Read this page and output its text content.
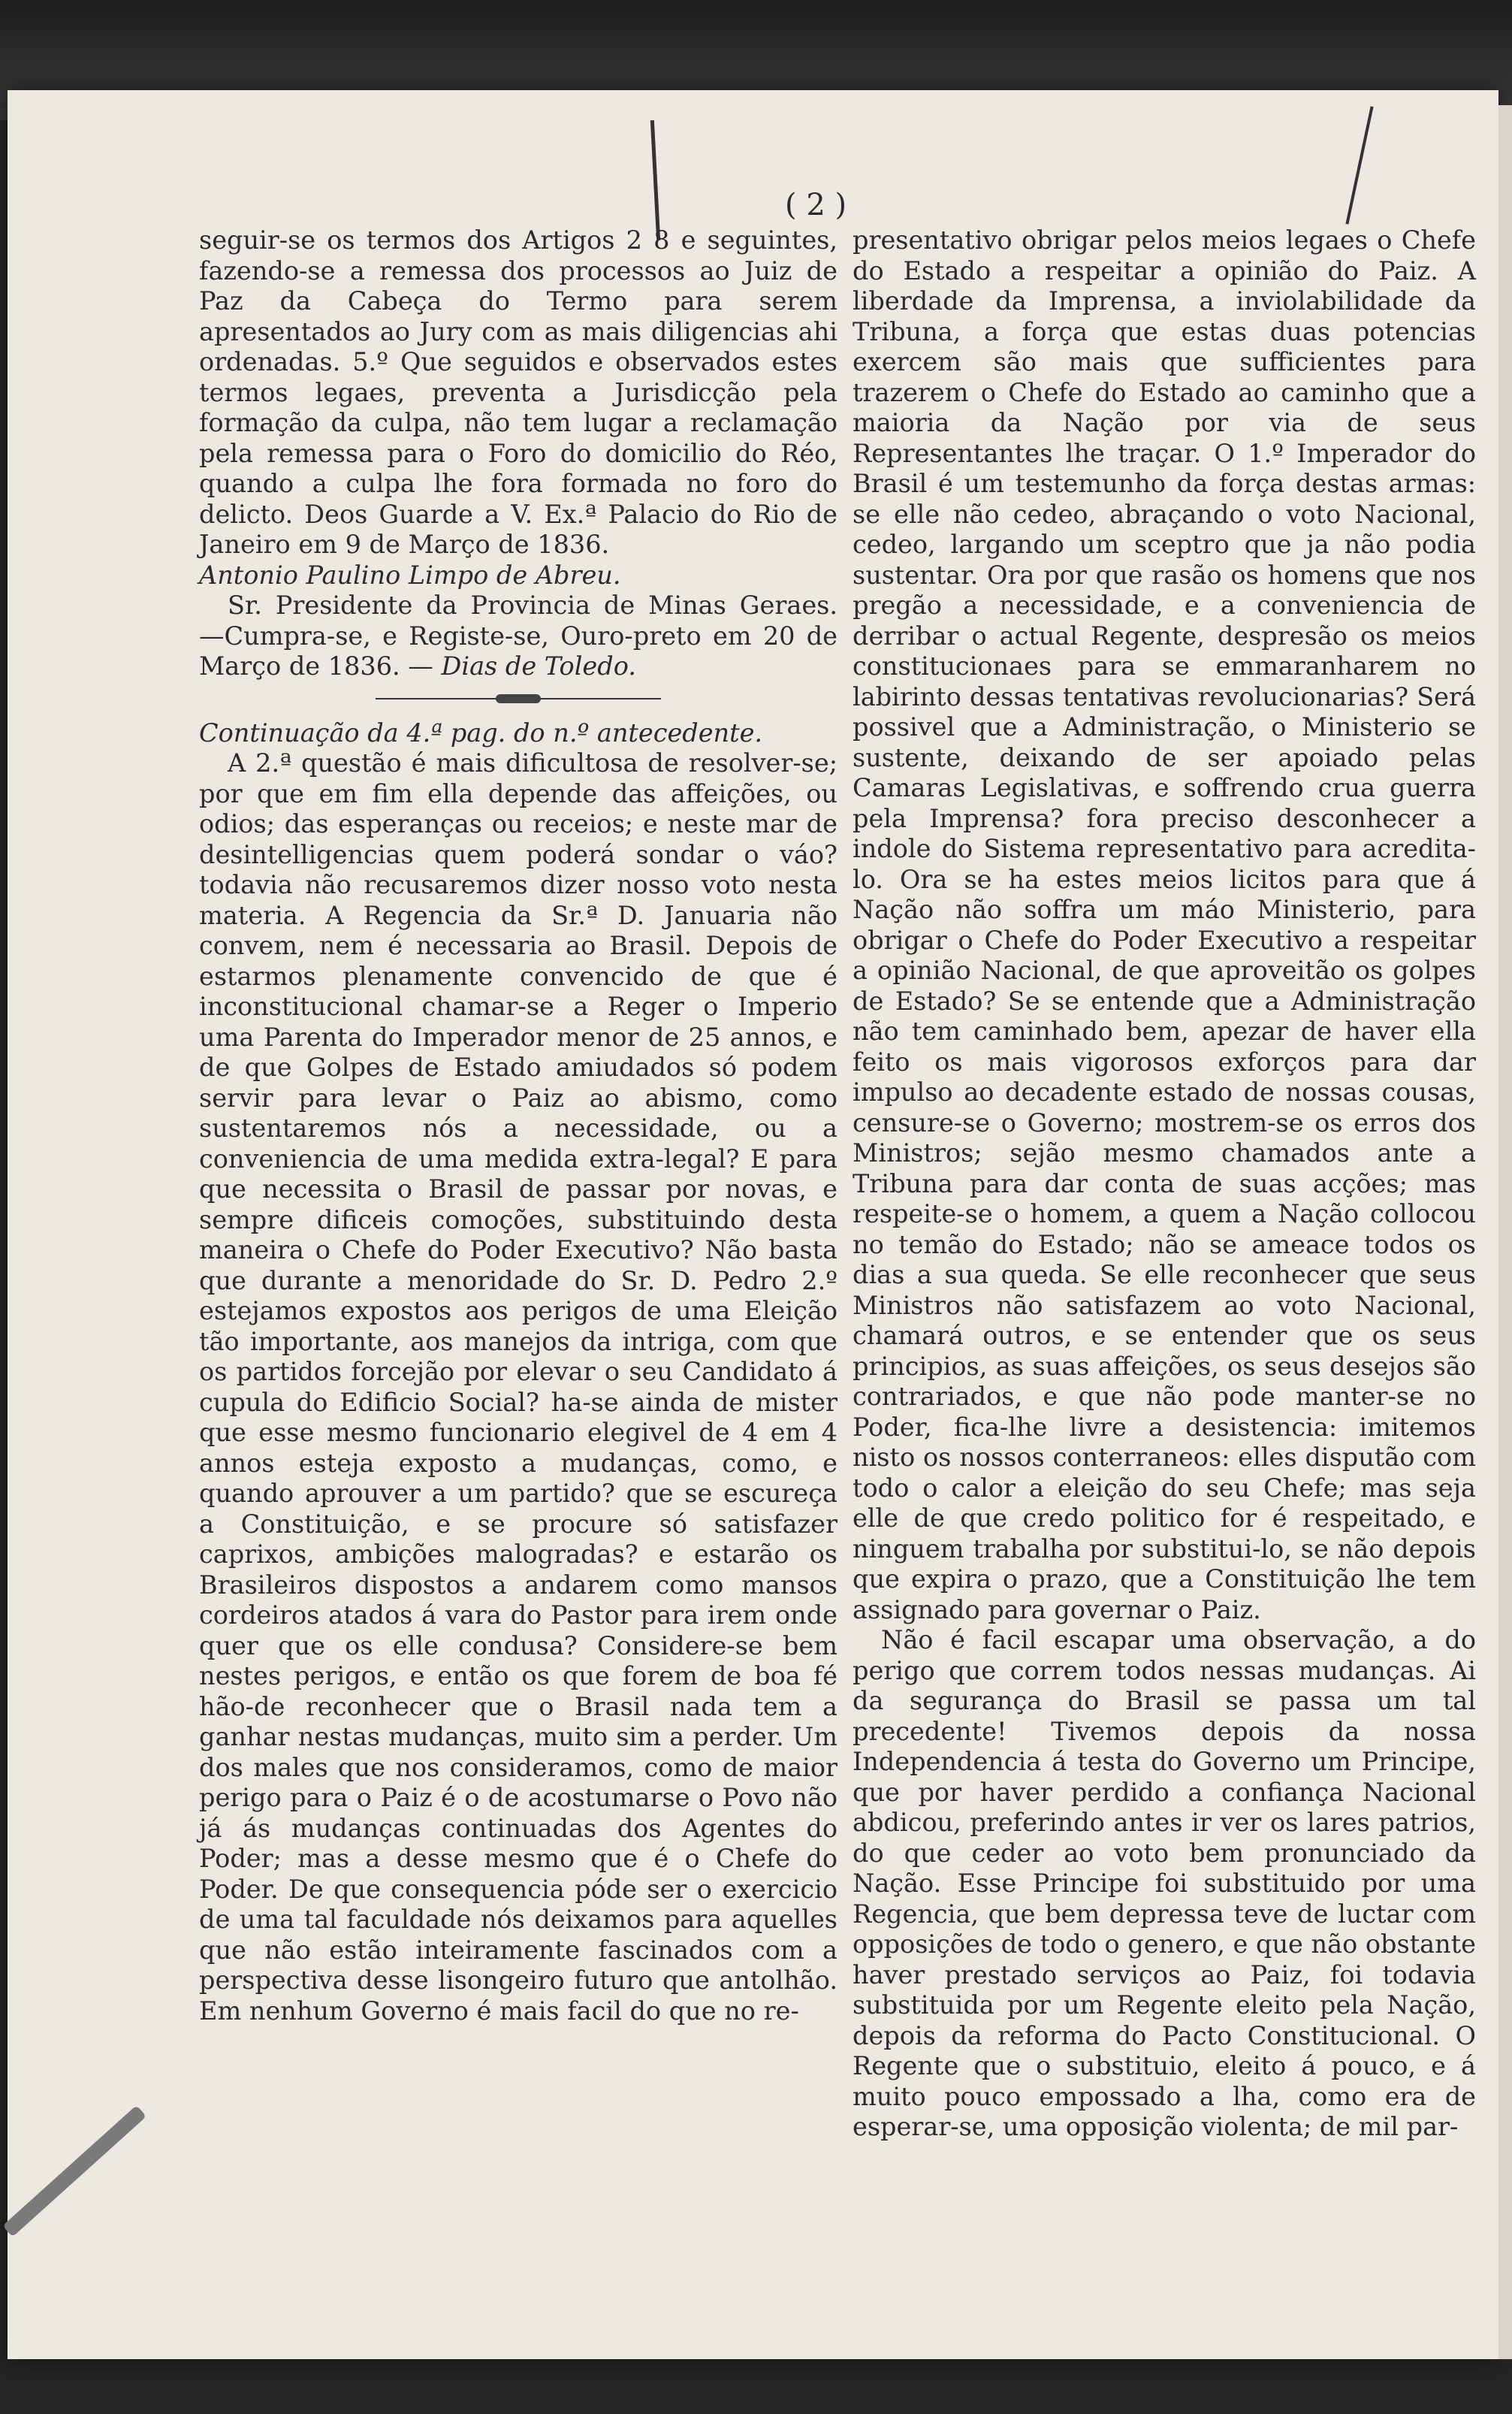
( 2 )

seguir-se os termos dos Artigos 2 8 e seguintes, fazendo-se a remessa dos processos ao Juiz de Paz da Cabeça do Termo para serem apresentados ao Jury com as mais diligencias ahi ordenadas. 5.º Que seguidos e observados estes termos legaes, preventa a Jurisdicção pela formação da culpa, não tem lugar a reclamação pela remessa para o Foro do domicilio do Réo, quando a culpa lhe fora formada no foro do delicto. Deos Guarde a V. Ex.ª Palacio do Rio de Janeiro em 9 de Março de 1836.

Antonio Paulino Limpo de Abreu.

Sr. Presidente da Provincia de Minas Geraes. —Cumpra-se, e Registe-se, Ouro-preto em 20 de Março de 1836. — Dias de Toledo.

Continuação da 4.ª pag. do n.º antecedente.

A 2.ª questão é mais dificultosa de resolver-se; por que em fim ella depende das affeições, ou odios; das esperanças ou receios; e neste mar de desintelligencias quem poderá sondar o váo? todavia não recusaremos dizer nosso voto nesta materia. A Regencia da Sr.ª D. Januaria não convem, nem é necessaria ao Brasil. Depois de estarmos plenamente convencido de que é inconstitucional chamar-se a Reger o Imperio uma Parenta do Imperador menor de 25 annos, e de que Golpes de Estado amiudados só podem servir para levar o Paiz ao abismo, como sustentaremos nós a necessidade, ou a conveniencia de uma medida extra-legal? E para que necessita o Brasil de passar por novas, e sempre dificeis comoções, substituindo desta maneira o Chefe do Poder Executivo? Não basta que durante a menoridade do Sr. D. Pedro 2.º estejamos expostos aos perigos de uma Eleição tão importante, aos manejos da intriga, com que os partidos forcejão por elevar o seu Candidato á cupula do Edificio Social? ha-se ainda de mister que esse mesmo funcionario elegivel de 4 em 4 annos esteja exposto a mudanças, como, e quando aprouver a um partido? que se escureça a Constituição, e se procure só satisfazer caprixos, ambições malogradas? e estarão os Brasileiros dispostos a andarem como mansos cordeiros atados á vara do Pastor para irem onde quer que os elle condusa? Considere-se bem nestes perigos, e então os que forem de boa fé hão-de reconhecer que o Brasil nada tem a ganhar nestas mudanças, muito sim a perder. Um dos males que nos consideramos, como de maior perigo para o Paiz é o de acostumarse o Povo não já ás mudanças continuadas dos Agentes do Poder; mas a desse mesmo que é o Chefe do Poder. De que consequencia póde ser o exercicio de uma tal faculdade nós deixamos para aquelles que não estão inteiramente fascinados com a perspectiva desse lisongeiro futuro que antolhão. Em nenhum Governo é mais facil do que no re-

presentativo obrigar pelos meios legaes o Chefe do Estado a respeitar a opinião do Paiz. A liberdade da Imprensa, a inviolabilidade da Tribuna, a força que estas duas potencias exercem são mais que sufficientes para trazerem o Chefe do Estado ao caminho que a maioria da Nação por via de seus Representantes lhe traçar. O 1.º Imperador do Brasil é um testemunho da força destas armas: se elle não cedeo, abraçando o voto Nacional, cedeo, largando um sceptro que ja não podia sustentar. Ora por que rasão os homens que nos pregão a necessidade, e a conveniencia de derribar o actual Regente, despresão os meios constitucionaes para se emmaranharem no labirinto dessas tentativas revolucionarias? Será possivel que a Administração, o Ministerio se sustente, deixando de ser apoiado pelas Camaras Legislativas, e soffrendo crua guerra pela Imprensa? fora preciso desconhecer a indole do Sistema representativo para acredita-lo. Ora se ha estes meios licitos para que á Nação não soffra um máo Ministerio, para obrigar o Chefe do Poder Executivo a respeitar a opinião Nacional, de que aproveitão os golpes de Estado? Se se entende que a Administração não tem caminhado bem, apezar de haver ella feito os mais vigorosos exforços para dar impulso ao decadente estado de nossas cousas, censure-se o Governo; mostrem-se os erros dos Ministros; sejão mesmo chamados ante a Tribuna para dar conta de suas acções; mas respeite-se o homem, a quem a Nação collocou no temão do Estado; não se ameace todos os dias a sua queda. Se elle reconhecer que seus Ministros não satisfazem ao voto Nacional, chamará outros, e se entender que os seus principios, as suas affeições, os seus desejos são contrariados, e que não pode manter-se no Poder, fica-lhe livre a desistencia: imitemos nisto os nossos conterraneos: elles disputão com todo o calor a eleição do seu Chefe; mas seja elle de que credo politico for é respeitado, e ninguem trabalha por substitui-lo, se não depois que expira o prazo, que a Constituição lhe tem assignado para governar o Paiz.

Não é facil escapar uma observação, a do perigo que correm todos nessas mudanças. Ai da segurança do Brasil se passa um tal precedente! Tivemos depois da nossa Independencia á testa do Governo um Principe, que por haver perdido a confiança Nacional abdicou, preferindo antes ir ver os lares patrios, do que ceder ao voto bem pronunciado da Nação. Esse Principe foi substituido por uma Regencia, que bem depressa teve de luctar com opposições de todo o genero, e que não obstante haver prestado serviços ao Paiz, foi todavia substituida por um Regente eleito pela Nação, depois da reforma do Pacto Constitucional. O Regente que o substituio, eleito á pouco, e á muito pouco empossado a lha, como era de esperar-se, uma opposição violenta; de mil par-
